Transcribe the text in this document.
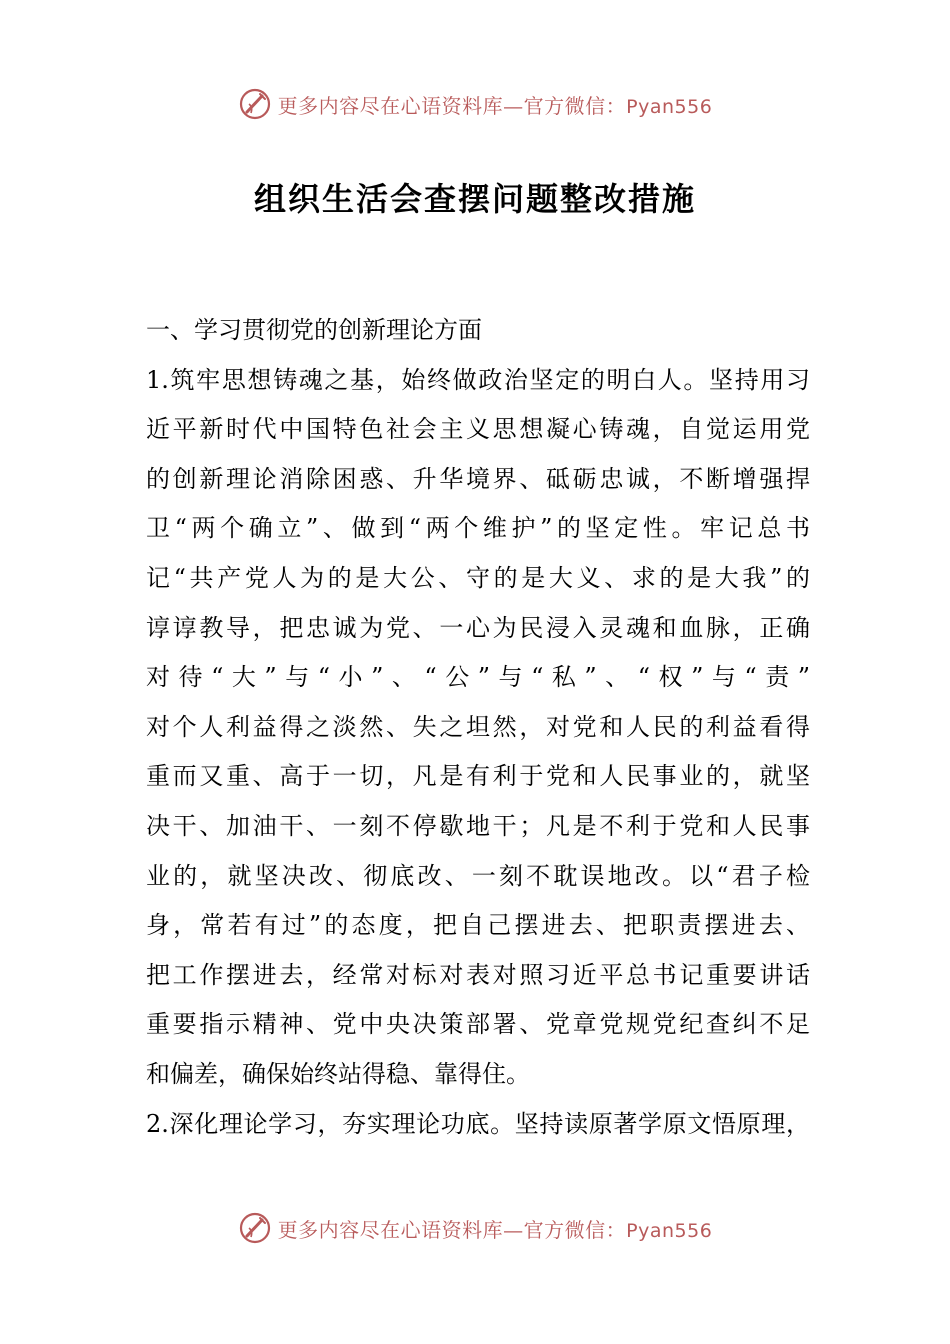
更多内容尽在心语资料库—官方微信：Pyan556
组织生活会查摆问题整改措施
一、学习贯彻党的创新理论方面
1.筑牢思想铸魂之基，始终做政治坚定的明白人。坚持用习
近平新时代中国特色社会主义思想凝心铸魂，自觉运用党
的创新理论消除困惑、升华境界、砥砺忠诚，不断增强捍
卫“两个确立”、做到“两个维护”的坚定性。牢记总书
记“共产党人为的是大公、守的是大义、求的是大我”的
谆谆教导，把忠诚为党、一心为民浸入灵魂和血脉，正确
对待“大”与“小”、“公”与“私”、“权”与“责”
对个人利益得之淡然、失之坦然，对党和人民的利益看得
重而又重、高于一切，凡是有利于党和人民事业的，就坚
决干、加油干、一刻不停歇地干；凡是不利于党和人民事
业的，就坚决改、彻底改、一刻不耽误地改。以“君子检
身，常若有过”的态度，把自己摆进去、把职责摆进去、
把工作摆进去，经常对标对表对照习近平总书记重要讲话
重要指示精神、党中央决策部署、党章党规党纪查纠不足
和偏差，确保始终站得稳、靠得住。
2.深化理论学习，夯实理论功底。坚持读原著学原文悟原理，
更多内容尽在心语资料库—官方微信：Pyan556
